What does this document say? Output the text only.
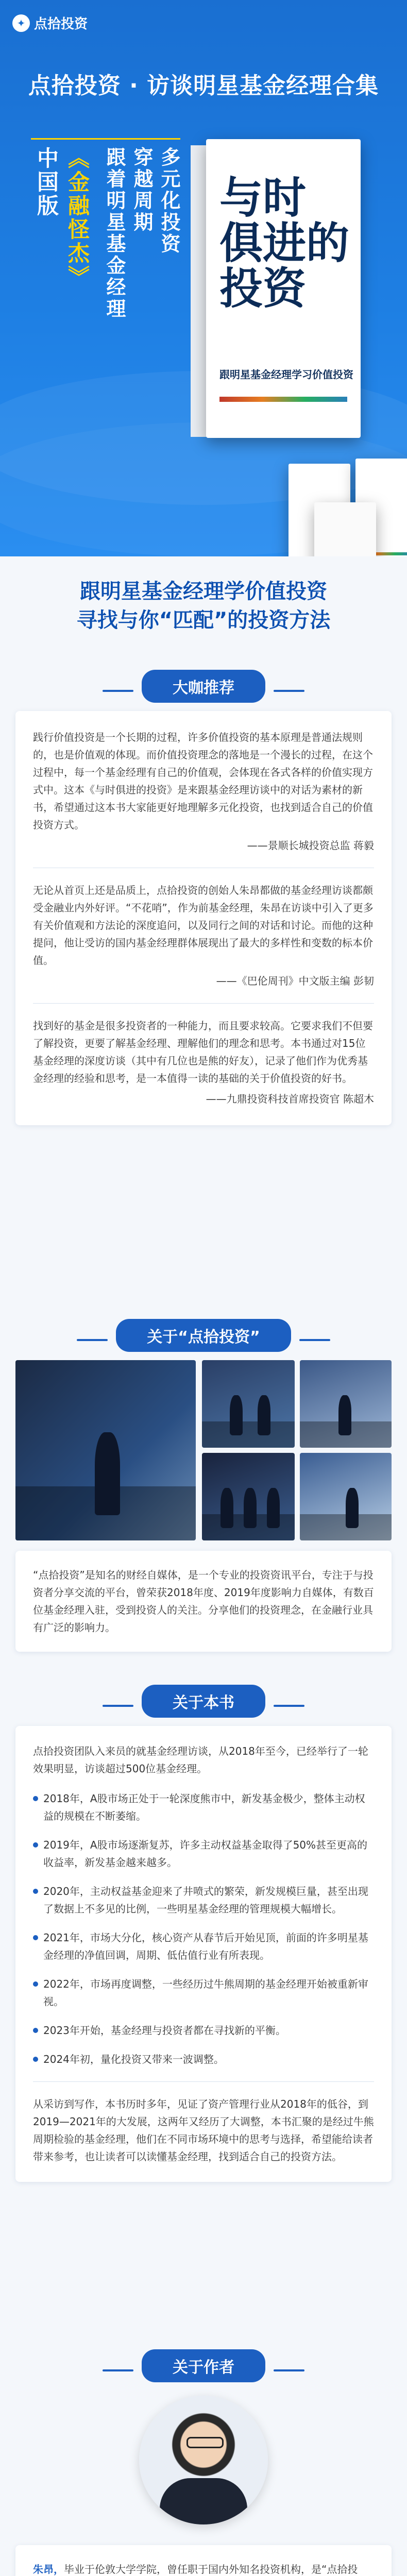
✦ 点拾投资
点拾投资 · 访谈明星基金经理合集
中国版 《金融怪杰》 跟着明星基金经理 穿越周期 多元化投资 与时
俱进的
投资
跟明星基金经理学习价值投资
跟明星基金经理学价值投资
寻找与你“匹配”的投资方法
大咖推荐

践行价值投资是一个长期的过程，许多价值投资的基本原理是普通法规则的，也是价值观的体现。而价值投资理念的落地是一个漫长的过程，在这个过程中，每一个基金经理有自己的价值观，会体现在各式各样的价值实现方式中。这本《与时俱进的投资》是来跟基金经理访谈中的对话为素材的新书，希望通过这本书大家能更好地理解多元化投资，也找到适合自己的价值投资方式。

——景顺长城投资总监 蒋毅

无论从首页上还是品质上，点拾投资的创始人朱昂都做的基金经理访谈都颇受金融业内外好评。“不花哨”，作为前基金经理，朱昂在访谈中引入了更多有关价值观和方法论的深度追问，以及同行之间的对话和讨论。而他的这种提问，他让受访的国内基金经理群体展现出了最大的多样性和变数的标本价值。

——《巴伦周刊》中文版主编 彭韧

找到好的基金是很多投资者的一种能力，而且要求较高。它要求我们不但要了解投资，更要了解基金经理、理解他们的理念和思考。本书通过对15位基金经理的深度访谈（其中有几位也是熊的好友），记录了他们作为优秀基金经理的经验和思考，是一本值得一读的基础的关于价值投资的好书。

——九鼎投资科技首席投资官 陈超木

关于“点拾投资”

“点拾投资”是知名的财经自媒体，是一个专业的投资资讯平台，专注于与投资者分享交流的平台，曾荣获2018年度、2019年度影响力自媒体，有数百位基金经理入驻，受到投资人的关注。分享他们的投资理念，在金融行业具有广泛的影响力。

关于本书

点拾投资团队入来员的就基金经理访谈，从2018年至今，已经举行了一轮效果明显，访谈超过500位基金经理。

2018年，A股市场正处于一轮深度熊市中，新发基金极少，整体主动权益的规模在不断萎缩。
2019年，A股市场逐渐复苏，许多主动权益基金取得了50%甚至更高的收益率，新发基金越来越多。
2020年，主动权益基金迎来了井喷式的繁荣，新发规模巨量，甚至出现了数据上不多见的比例，一些明星基金经理的管理规模大幅增长。
2021年，市场大分化，核心资产从春节后开始见顶，前面的许多明星基金经理的净值回调，周期、低估值行业有所表现。
2022年，市场再度调整，一些经历过牛熊周期的基金经理开始被重新审视。
2023年开始，基金经理与投资者都在寻找新的平衡。
2024年初，量化投资又带来一波调整。

从采访到写作，本书历时多年，见证了资产管理行业从2018年的低谷，到2019—2021年的大发展，这两年又经历了大调整，本书汇聚的是经过牛熊周期检验的基金经理，他们在不同市场环境中的思考与选择，希望能给读者带来参考，也让读者可以读懂基金经理，找到适合自己的投资方法。

关于作者

朱昂，毕业于伦敦大学学院，曾任职于国内外知名投资机构，是“点拾投
